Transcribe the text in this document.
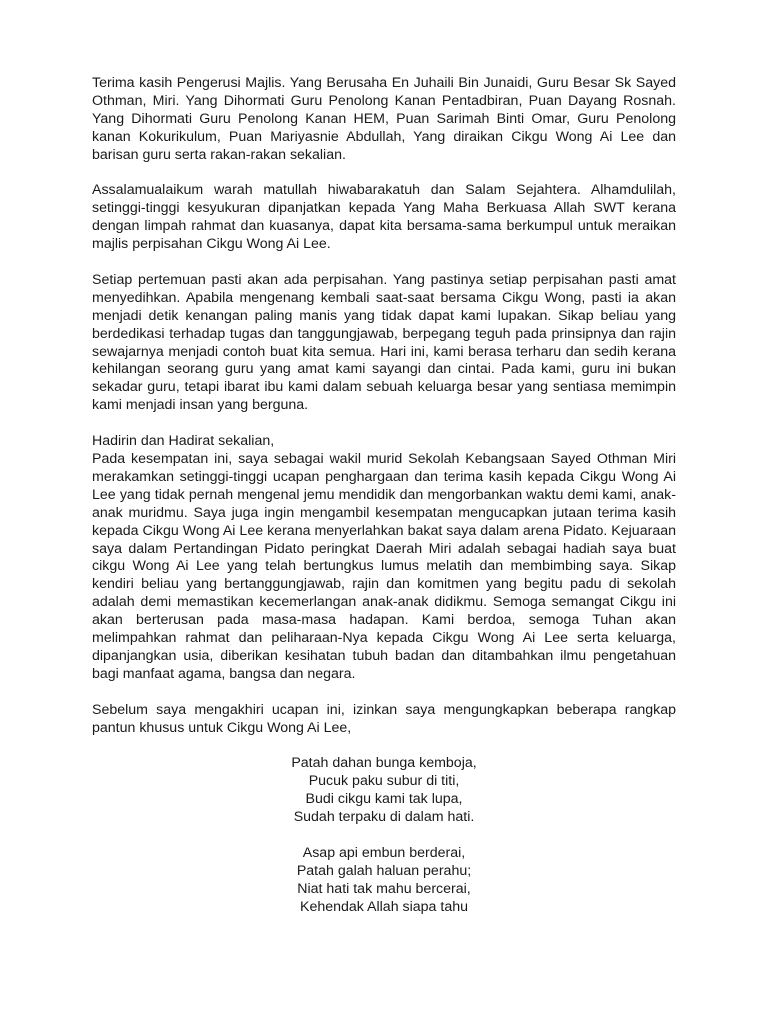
Terima kasih Pengerusi Majlis. Yang Berusaha En Juhaili Bin Junaidi, Guru Besar Sk Sayed Othman, Miri. Yang Dihormati Guru Penolong Kanan Pentadbiran, Puan Dayang Rosnah. Yang Dihormati Guru Penolong Kanan HEM, Puan Sarimah Binti Omar, Guru Penolong kanan Kokurikulum, Puan Mariyasnie Abdullah, Yang diraikan Cikgu Wong Ai Lee dan barisan guru serta rakan-rakan sekalian.

Assalamualaikum warah matullah hiwabarakatuh dan Salam Sejahtera. Alhamdulilah, setinggi-tinggi kesyukuran dipanjatkan kepada Yang Maha Berkuasa Allah SWT kerana dengan limpah rahmat dan kuasanya, dapat kita bersama-sama berkumpul untuk meraikan majlis perpisahan Cikgu Wong Ai Lee.

Setiap pertemuan pasti akan ada perpisahan. Yang pastinya setiap perpisahan pasti amat menyedihkan. Apabila mengenang kembali saat-saat bersama Cikgu Wong, pasti ia akan menjadi detik kenangan paling manis yang tidak dapat kami lupakan. Sikap beliau yang berdedikasi terhadap tugas dan tanggungjawab, berpegang teguh pada prinsipnya dan rajin sewajarnya menjadi contoh buat kita semua. Hari ini, kami berasa terharu dan sedih kerana kehilangan seorang guru yang amat kami sayangi dan cintai. Pada kami, guru ini bukan sekadar guru, tetapi ibarat ibu kami dalam sebuah keluarga besar yang sentiasa memimpin kami menjadi insan yang berguna.

Hadirin dan Hadirat sekalian,
Pada kesempatan ini, saya sebagai wakil murid Sekolah Kebangsaan Sayed Othman Miri merakamkan setinggi-tinggi ucapan penghargaan dan terima kasih kepada Cikgu Wong Ai Lee yang tidak pernah mengenal jemu mendidik dan mengorbankan waktu demi kami, anak-anak muridmu. Saya juga ingin mengambil kesempatan mengucapkan jutaan terima kasih kepada Cikgu Wong Ai Lee kerana menyerlahkan bakat saya dalam arena Pidato. Kejuaraan saya dalam Pertandingan Pidato peringkat Daerah Miri adalah sebagai hadiah saya buat cikgu Wong Ai Lee yang telah bertungkus lumus melatih dan membimbing saya. Sikap kendiri beliau yang bertanggungjawab, rajin dan komitmen yang begitu padu di sekolah adalah demi memastikan kecemerlangan anak-anak didikmu. Semoga semangat Cikgu ini akan berterusan pada masa-masa hadapan. Kami berdoa, semoga Tuhan akan melimpahkan rahmat dan peliharaan-Nya kepada Cikgu Wong Ai Lee serta keluarga, dipanjangkan usia, diberikan kesihatan tubuh badan dan ditambahkan ilmu pengetahuan bagi manfaat agama, bangsa dan negara.

Sebelum saya mengakhiri ucapan ini, izinkan saya mengungkapkan beberapa rangkap pantun khusus untuk Cikgu Wong Ai Lee,

Patah dahan bunga kemboja,
Pucuk paku subur di titi,
Budi cikgu kami tak lupa,
Sudah terpaku di dalam hati.
Asap api embun berderai,
Patah galah haluan perahu;
Niat hati tak mahu bercerai,
Kehendak Allah siapa tahu
